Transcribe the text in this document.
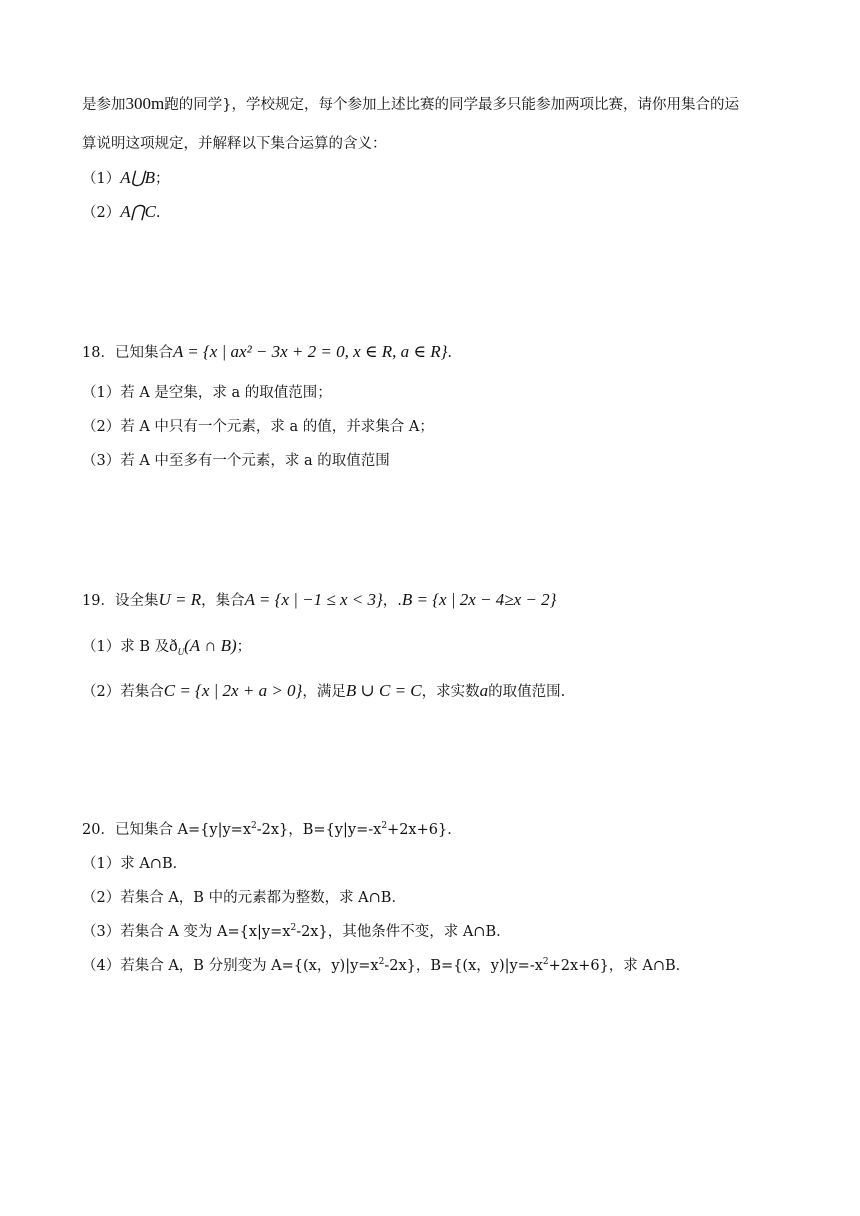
是参加300m跑的同学}，学校规定，每个参加上述比赛的同学最多只能参加两项比赛，请你用集合的运
算说明这项规定，并解释以下集合运算的含义：
（1）A⋃B；
（2）A⋂C.
18．已知集合A = {x | ax² − 3x + 2 = 0, x ∈ R, a ∈ R}.
（1）若 A 是空集，求 a 的取值范围；
（2）若 A 中只有一个元素，求 a 的值，并求集合 A；
（3）若 A 中至多有一个元素，求 a 的取值范围
19．设全集U = R，集合A = {x | −1 ≤ x < 3}，.B = {x | 2x − 4≥x − 2}
（1）求 B 及$ð_U(A$ ∩ B)；
（2）若集合C = {x | 2x + a > 0}，满足B ∪ C = C，求实数a的取值范围.
20．已知集合 $A=\{y|y=x^2-2x\}$，$B=\{y|y=-x^2+2x+6\}$．
（1）求 A∩B．
（2）若集合 A，B 中的元素都为整数，求 A∩B．
（3）若集合 A 变为 $A=\{x|y=x^2-2x\}$，其他条件不变，求 A∩B．
（4）若集合 A，B 分别变为 A={(x，$y)|y=x^2-2x$}，B={(x，$y)|y=-x^2+2x+6$}，求 A∩B．
